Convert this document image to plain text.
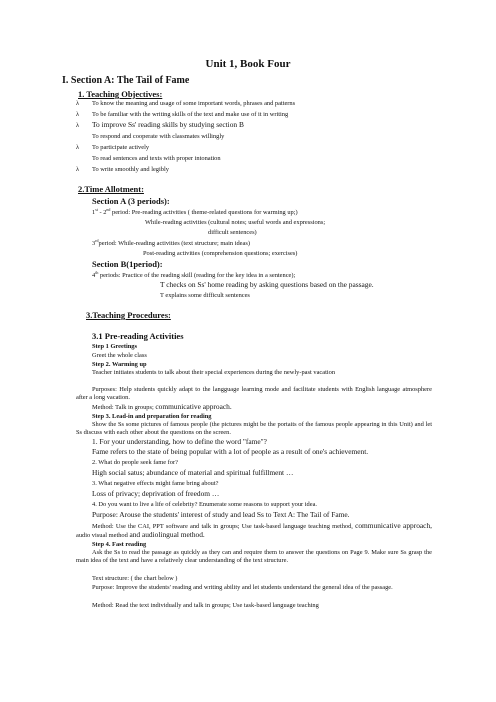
Unit 1, Book Four
I. Section A: The Tail of Fame
1. Teaching Objectives:
λ To know the meaning and usage of some important words, phrases and patterns
λ To be familiar with the writing skills of the text and make use of it in writing
λ To improve Ss' reading skills by studying section B
To respond and cooperate with classmates willingly
λ To participate actively
To read sentences and texts with proper intonation
λ To write smoothly and legibly
2.Time Allotment:
Section A (3 periods):
1st - 2nd period: Pre-reading activities ( theme-related questions for warming up;)
While-reading activities (cultural notes; useful words and expressions;
difficult sentences)
3rdperiod: While-reading activities (text structure; main ideas)
Post-reading activities (comprehension questions; exercises)
Section B(1period):
4th periods: Practice of the reading skill (reading for the key idea in a sentence);
T checks on Ss' home reading by asking questions based on the passage.
T explains some difficult sentences
3.Teaching Procedures:
3.1 Pre-reading Activities
Step 1 Greetings
Greet the whole class
Step 2. Warming up
Teacher initiates students to talk about their special experiences during the newly-past vacation
Purposes: Help students quickly adapt to the langguage learning mode and facilitate students with English language atmosphere after a long vacation.
Method: Talk in groups; communicative approach.
Step 3. Lead-in and preparation for reading
Show the Ss some pictures of famous people (the pictures might be the portaits of the famous people appearing in this Unit) and let Ss discuss with each other about the questions on the screen.
1. For your understanding, how to define the word "fame"?
Fame refers to the state of being popular with a lot of people as a result of one's achievement.
2. What do people seek fame for?
High social satus; abundance of material and spiritual fulfillment …
3. What negative effects might fame bring about?
Loss of privacy; deprivation of freedom …
4. Do you want to live a life of celebrity? Enumerate some reasons to support your idea.
Purpose: Arouse the students' interest of study and lead Ss to Text A: The Tail of Fame.
Method: Use the CAI, PPT software and talk in groups; Use task-based language teaching method, communicative approach, audio visual method and audiolingual method.
Step 4. Fast reading
Ask the Ss to read the passage as quickly as they can and require them to answer the questions on Page 9. Make sure Ss grasp the main idea of the text and have a relatively clear understanding of the text structure.
Text structure: ( the chart below )
Purpose: Improve the students' reading and writing ability and let students understand the general idea of the passage.
Method: Read the text individually and talk in groups; Use task-based language teaching
